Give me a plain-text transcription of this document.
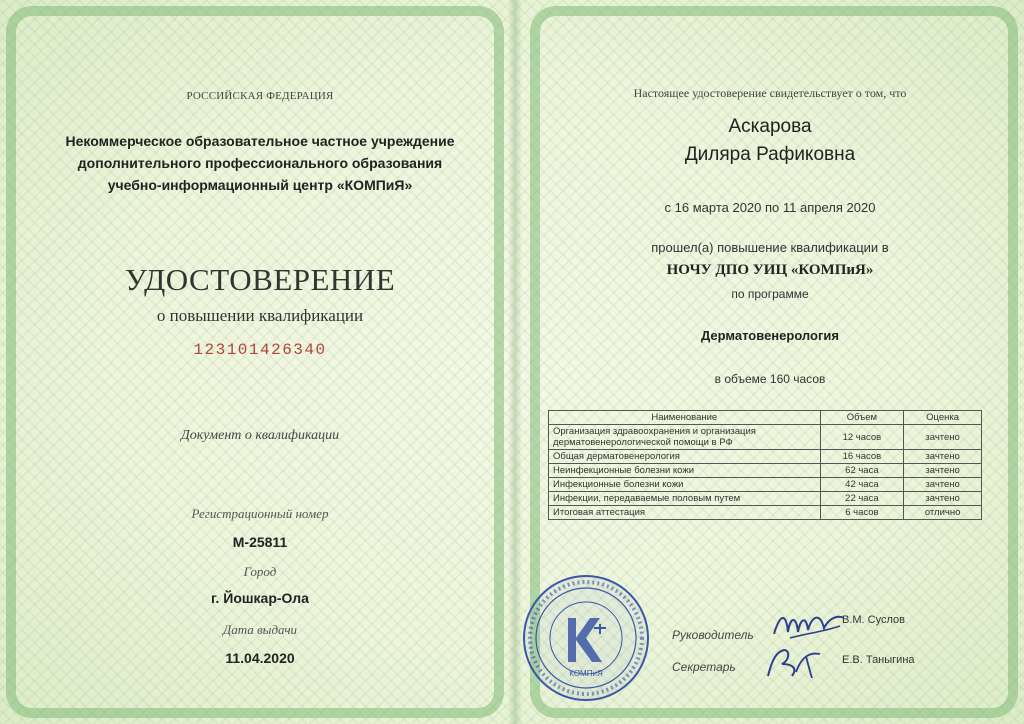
РОССИЙСКАЯ ФЕДЕРАЦИЯ
Некоммерческое образовательное частное учреждение
дополнительного профессионального образования
учебно-информационный центр «КОМПиЯ»
УДОСТОВЕРЕНИЕ
о повышении квалификации
123101426340
Документ о квалификации
Регистрационный номер
М-25811
Город
г. Йошкар-Ола
Дата выдачи
11.04.2020
Настоящее удостоверение свидетельствует о том, что
Аскарова
Диляра Рафиковна
с 16 марта 2020 по 11 апреля 2020
прошел(а) повышение квалификации в
НОЧУ ДПО УИЦ «КОМПиЯ»
по программе
Дерматовенерология
в объеме 160 часов
Наименование	Объем	Оценка
Организация здравоохранения и организация дерматовенерологической помощи в РФ	12 часов	зачтено
Общая дерматовенерология	16 часов	зачтено
Неинфекционные болезни кожи	62 часа	зачтено
Инфекционные болезни кожи	42 часа	зачтено
Инфекции, передаваемые половым путем	22 часа	зачтено
Итоговая аттестация	6 часов	отлично
КОМПиЯ
Руководитель
В.М. Суслов
Секретарь	Е.В. Таныгина
